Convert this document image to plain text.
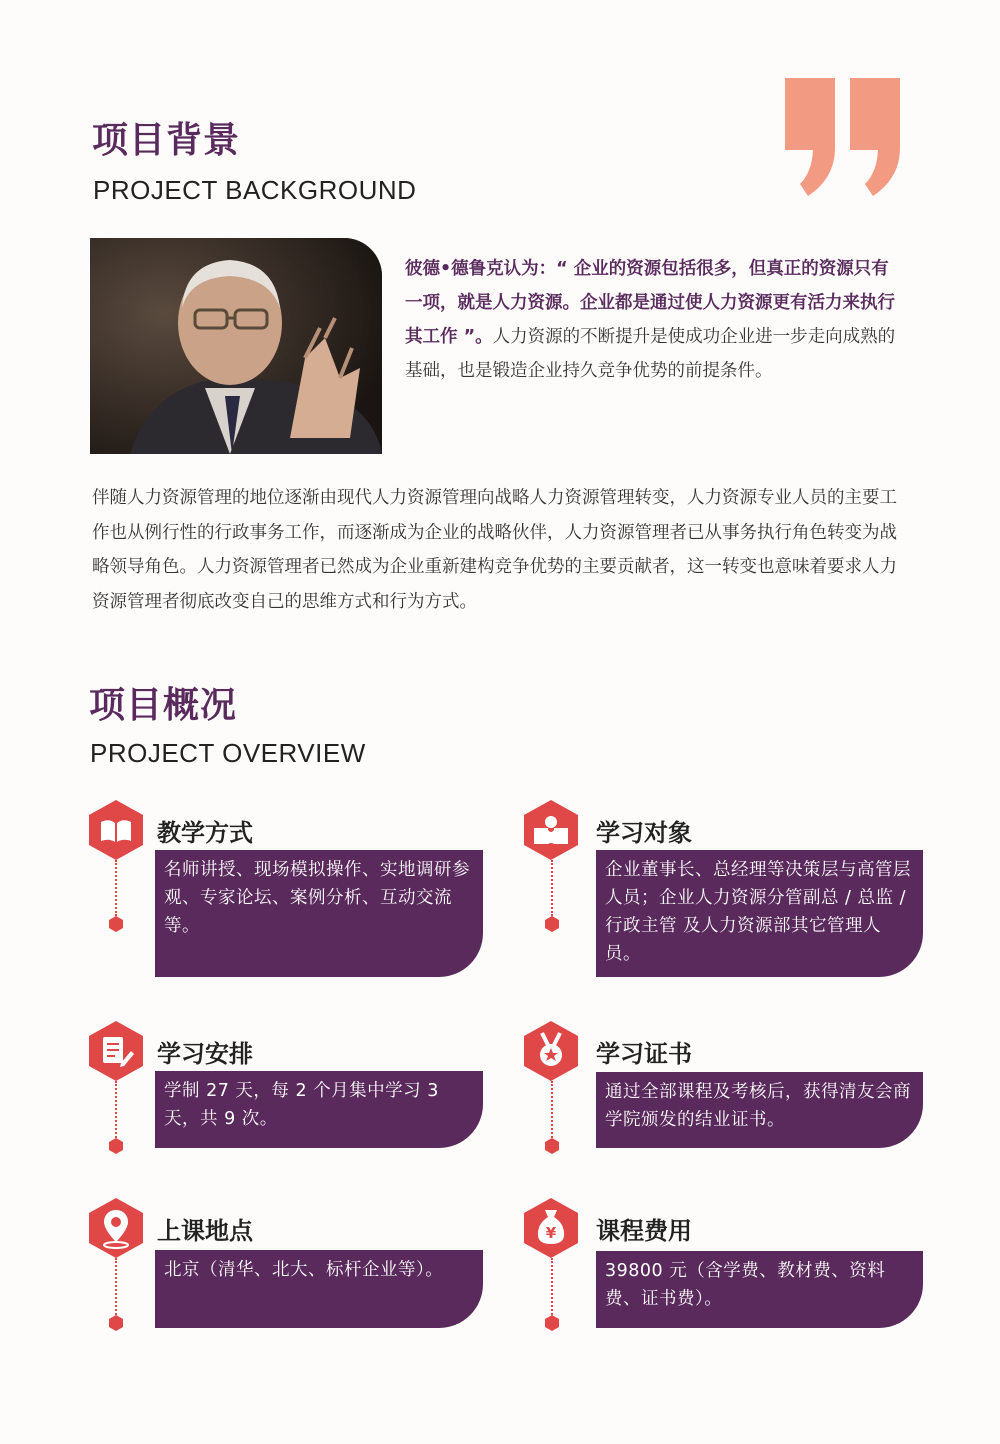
项目背景
PROJECT BACKGROUND
彼德•德鲁克认为：“ 企业的资源包括很多，但真正的资源只有一项，就是人力资源。企业都是通过使人力资源更有活力来执行其工作 ”。人力资源的不断提升是使成功企业进一步走向成熟的基础，也是锻造企业持久竞争优势的前提条件。
伴随人力资源管理的地位逐渐由现代人力资源管理向战略人力资源管理转变，人力资源专业人员的主要工作也从例行性的行政事务工作，而逐渐成为企业的战略伙伴，人力资源管理者已从事务执行角色转变为战略领导角色。人力资源管理者已然成为企业重新建构竞争优势的主要贡献者，这一转变也意味着要求人力资源管理者彻底改变自己的思维方式和行为方式。
项目概况
PROJECT OVERVIEW
教学方式
名师讲授、现场模拟操作、实地调研参观、专家论坛、案例分析、互动交流等。
学习对象
企业董事长、总经理等决策层与高管层人员；企业人力资源分管副总 / 总监 / 行政主管 及人力资源部其它管理人员。
学习安排
学制 27 天，每 2 个月集中学习 3 天，共 9 次。
学习证书
通过全部课程及考核后，获得清友会商学院颁发的结业证书。
上课地点
北京（清华、北大、标杆企业等）。
¥ 课程费用
39800 元（含学费、教材费、资料费、证书费）。
